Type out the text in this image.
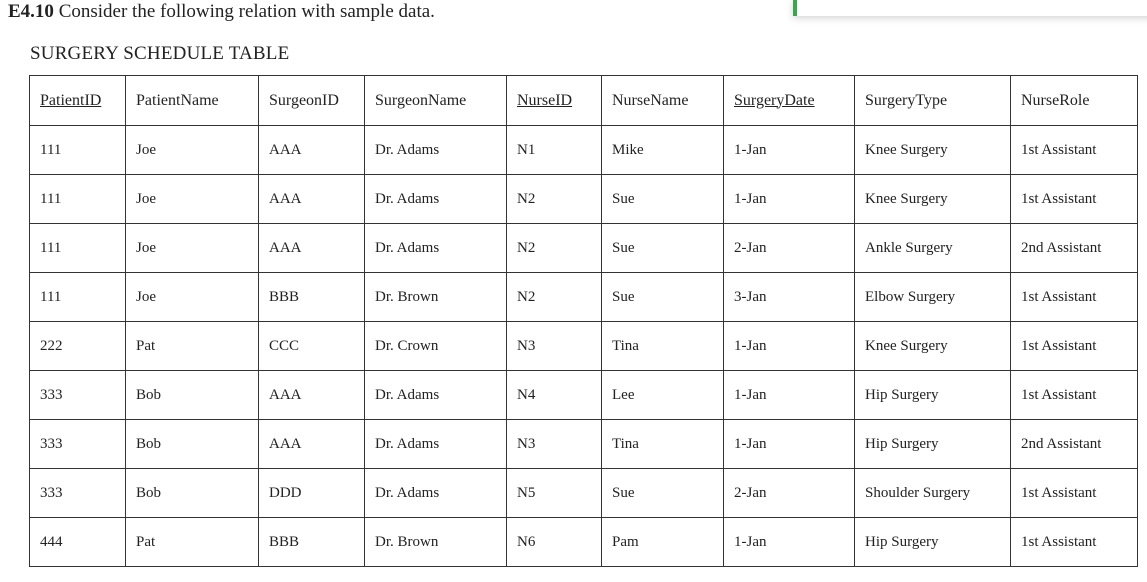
E4.10 Consider the following relation with sample data.
SURGERY SCHEDULE TABLE
PatientID	PatientName	SurgeonID	SurgeonName	NurseID	NurseName	SurgeryDate	SurgeryType	NurseRole
111	Joe	AAA	Dr. Adams	N1	Mike	1-Jan	Knee Surgery	1st Assistant
111	Joe	AAA	Dr. Adams	N2	Sue	1-Jan	Knee Surgery	1st Assistant
111	Joe	AAA	Dr. Adams	N2	Sue	2-Jan	Ankle Surgery	2nd Assistant
111	Joe	BBB	Dr. Brown	N2	Sue	3-Jan	Elbow Surgery	1st Assistant
222	Pat	CCC	Dr. Crown	N3	Tina	1-Jan	Knee Surgery	1st Assistant
333	Bob	AAA	Dr. Adams	N4	Lee	1-Jan	Hip Surgery	1st Assistant
333	Bob	AAA	Dr. Adams	N3	Tina	1-Jan	Hip Surgery	2nd Assistant
333	Bob	DDD	Dr. Adams	N5	Sue	2-Jan	Shoulder Surgery	1st Assistant
444	Pat	BBB	Dr. Brown	N6	Pam	1-Jan	Hip Surgery	1st Assistant
